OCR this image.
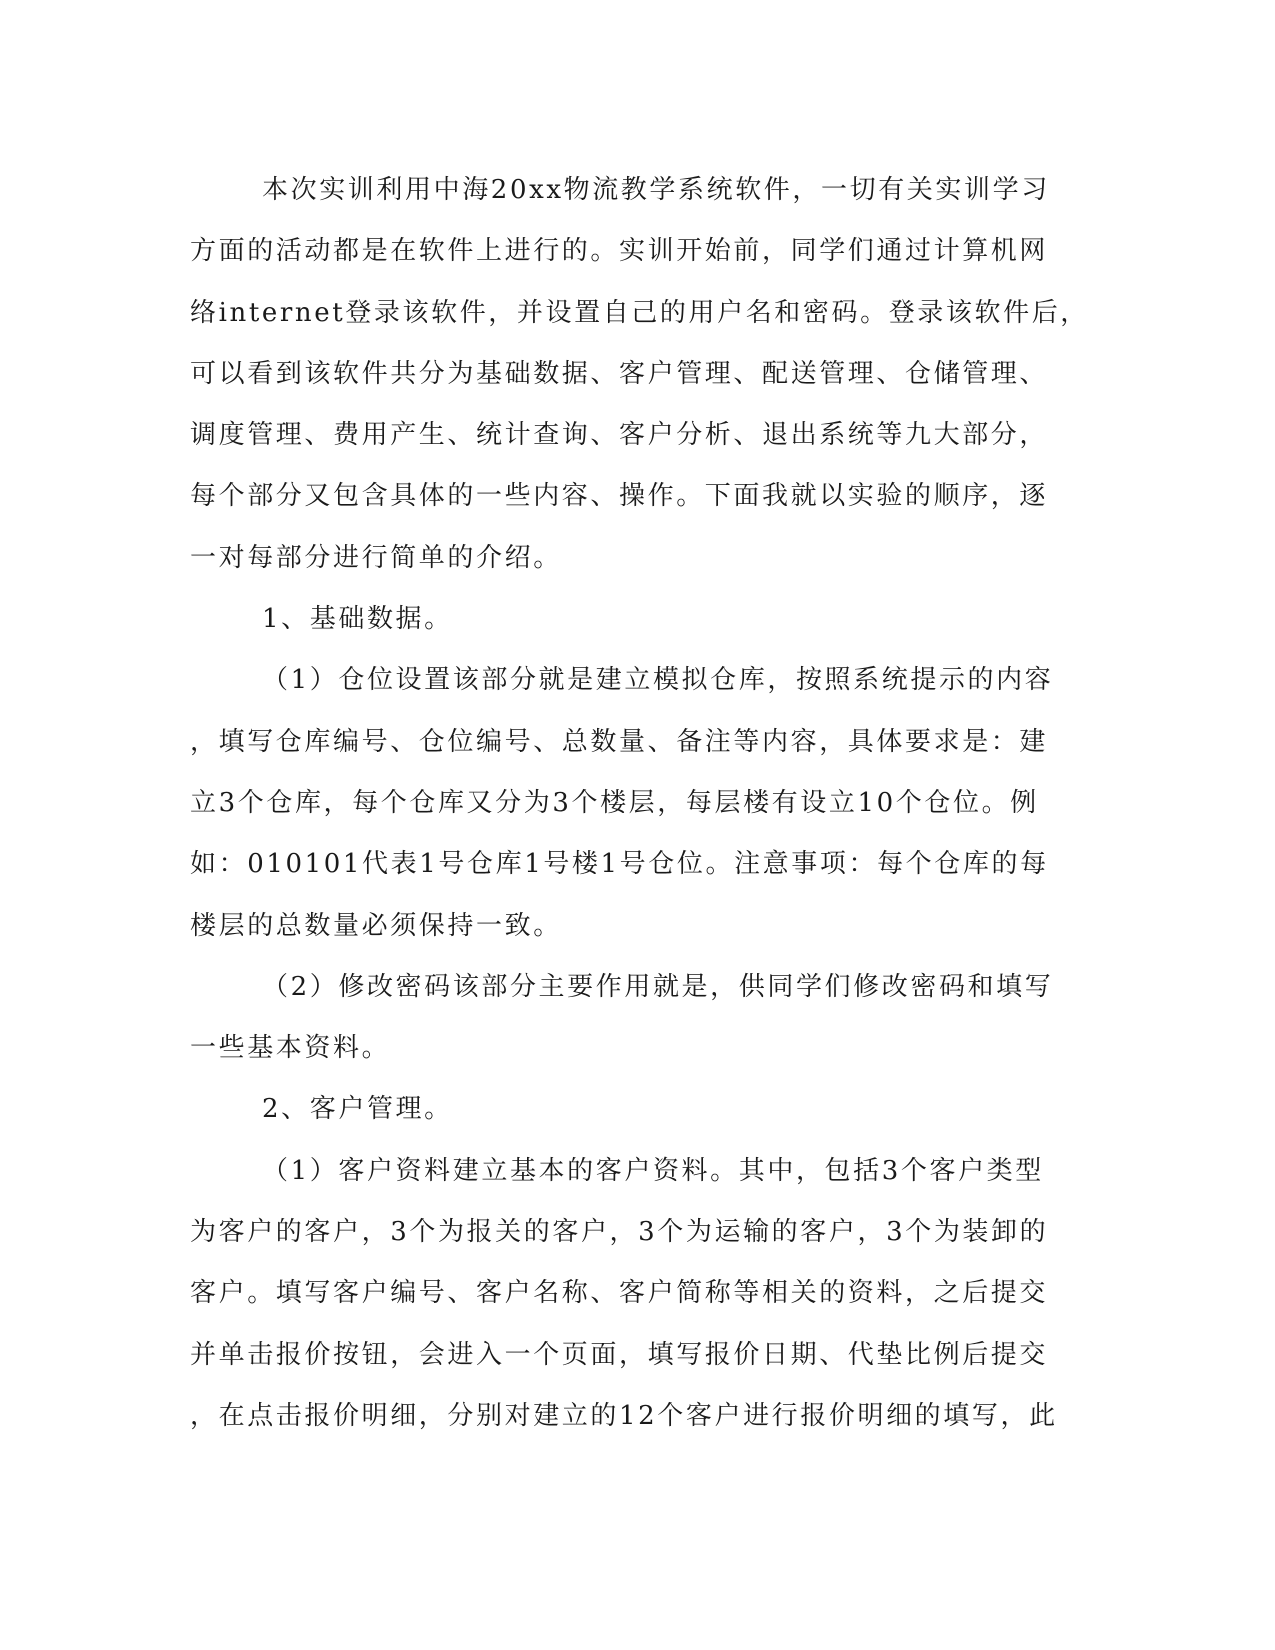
本次实训利用中海20xx物流教学系统软件，一切有关实训学习
方面的活动都是在软件上进行的。实训开始前，同学们通过计算机网
络internet登录该软件，并设置自己的用户名和密码。登录该软件后，
可以看到该软件共分为基础数据、客户管理、配送管理、仓储管理、
调度管理、费用产生、统计查询、客户分析、退出系统等九大部分，
每个部分又包含具体的一些内容、操作。下面我就以实验的顺序，逐
一对每部分进行简单的介绍。
1、基础数据。
（1）仓位设置该部分就是建立模拟仓库，按照系统提示的内容
，填写仓库编号、仓位编号、总数量、备注等内容，具体要求是：建
立3个仓库，每个仓库又分为3个楼层，每层楼有设立10个仓位。例
如：010101代表1号仓库1号楼1号仓位。注意事项：每个仓库的每
楼层的总数量必须保持一致。
（2）修改密码该部分主要作用就是，供同学们修改密码和填写
一些基本资料。
2、客户管理。
（1）客户资料建立基本的客户资料。其中，包括3个客户类型
为客户的客户，3个为报关的客户，3个为运输的客户，3个为装卸的
客户。填写客户编号、客户名称、客户简称等相关的资料，之后提交
并单击报价按钮，会进入一个页面，填写报价日期、代垫比例后提交
，在点击报价明细，分别对建立的12个客户进行报价明细的填写，此
